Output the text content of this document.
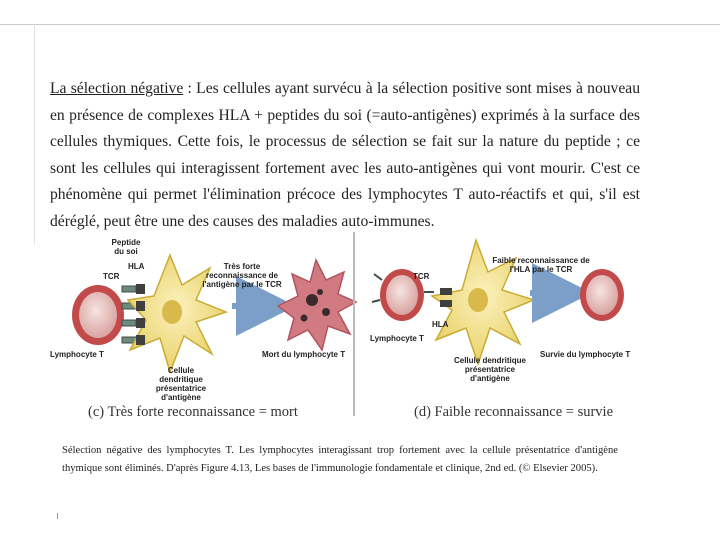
La sélection négative : Les cellules ayant survécu à la sélection positive sont mises à nouveau en présence de complexes HLA + peptides du soi (=auto-antigènes) exprimés à la surface des cellules thymiques. Cette fois, le processus de sélection se fait sur la nature du peptide ; ce sont les cellules qui interagissent fortement avec les auto-antigènes qui vont mourir. C'est ce phénomène qui permet l'élimination précoce des lymphocytes T auto-réactifs et qui, s'il est déréglé, peut être une des causes des maladies auto-immunes.
Peptide du soi
TCR
HLA
Lymphocyte T
Très forte reconnaissance de l'antigène par le TCR
Cellule dendritique présentatrice d'antigène
Mort du lymphocyte T
(c) Très forte reconnaissance = mort
Faible reconnaissance de l'HLA par le TCR
TCR
HLA
Lymphocyte T
Cellule dendritique présentatrice d'antigène
Survie du lymphocyte T
(d) Faible reconnaissance = survie
Sélection négative des lymphocytes T. Les lymphocytes interagissant trop fortement avec la cellule présentatrice d'antigène thymique sont éliminés. D'après Figure 4.13, Les bases de l'immunologie fondamentale et clinique, 2nd ed. (© Elsevier 2005).
